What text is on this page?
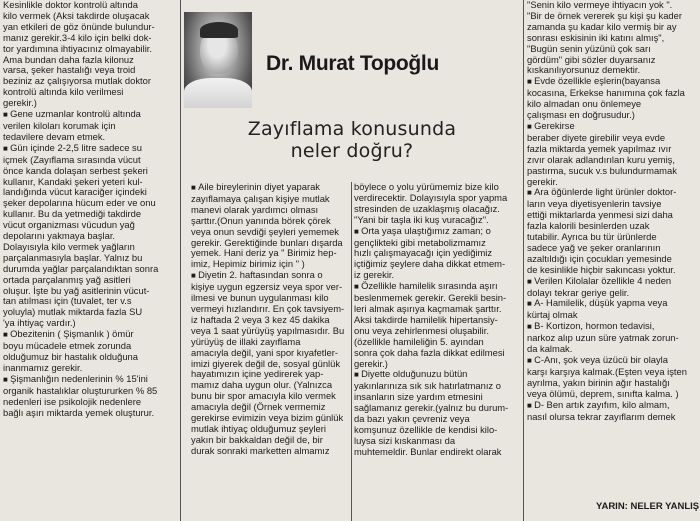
Kesinlikle doktor kontrolü altında

kilo vermek (Aksi takdirde oluşacak

yan etkileri de göz önünde bulundur-

manız gerekir.3-4 kilo için belki dok-

tor yardımına ihtiyacınız olmayabilir.

Ama bundan daha fazla kilonuz

varsa, şeker hastalığı veya troid

beziniz az çalışıyorsa mutlak doktor

kontrolü altında kilo verilmesi

gerekir.)

■ Gene uzmanlar kontrolü altında

verilen kiloları korumak için

tedavilere devam etmek.

■ Gün içinde 2-2,5 litre sadece su

içmek (Zayıflama sırasında vücut

önce kanda dolaşan serbest şekeri

kullanır, Kandaki şekeri yeteri kul-

landığında vücut karaciğer içindeki

şeker depolarına hücum eder ve onu

kullanır. Bu da yetmediği takdirde

vücut organizması vücudun yağ

depolarını yakmaya başlar.

Dolayısıyla kilo vermek yağların

parçalanmasıyla başlar. Yalnız bu

durumda yağlar parçalandıktan sonra

ortada parçalanmış yağ asitleri

oluşur. İşte bu yağ asitlerinin vücut-

tan atılması için (tuvalet, ter v.s

yoluyla) mutlak miktarda fazla SU

'ya ihtiyaç vardır.)

■ Obezitenin ( Şişmanlık ) ömür

boyu mücadele etmek zorunda

olduğumuz bir hastalık olduğuna

inanmamız gerekir.

■ Şişmanlığın nedenlerinin % 15'ini

organik hastalıklar oluştururken % 85

nedenleri ise psikolojik nedenlere

bağlı aşırı miktarda yemek oluşturur.

Dr. Murat Topoğlu
Zayıflama konusunda
neler doğru?

■ Aile bireylerinin diyet yaparak

zayıflamaya çalışan kişiye mutlak

manevi olarak yardımcı olması

şarttır.(Onun yanında börek çörek

veya onun sevdiği şeyleri yememek

gerekir. Gerektiğinde bunları dışarda

yemek. Hani deriz ya " Birimiz hep-

imiz, Hepimiz birimiz için " )

■ Diyetin 2. haftasından sonra o

kişiye uygun egzersiz veya spor ver-

ilmesi ve bunun uygulanması kilo

vermeyi hızlandırır. En çok tavsiyem-

iz haftada 2 veya 3 kez 45 dakika

veya 1 saat yürüyüş yapılmasıdır. Bu

yürüyüş de illaki zayıflama

amacıyla değil, yani spor kıyafetler-

imizi giyerek değil de, sosyal günlük

hayatımızın içine yedirerek yap-

mamız daha uygun olur. (Yalnızca

bunu bir spor amacıyla kilo vermek

amacıyla değil (Örnek vermemiz

gerekirse evimizin veya bizim günlük

mutlak ihtiyaç olduğumuz şeyleri

yakın bir bakkaldan değil de, bir

durak sonraki marketten almamız

böylece o yolu yürümemiz bize kilo

verdirecektir. Dolayısıyla spor yapma

stresinden de uzaklaşmış olacağız.

"Yani bir taşla iki kuş vuracağız".

■ Orta yaşa ulaştığımız zaman; o

gençlikteki gibi metabolizmamız

hızlı çalışmayacağı için yediğimiz

içtiğimiz şeylere daha dikkat etmem-

iz gerekir.

■ Özellikle hamilelik sırasında aşırı

beslenmemek gerekir. Gerekli besin-

leri almak aşırıya kaçmamak şarttır.

Aksi takdirde hamilelik hipertansiy-

onu veya zehirlenmesi oluşabilir.

(özellikle hamileliğin 5. ayından

sonra çok daha fazla dikkat edilmesi

gerekir.)

■ Diyette olduğunuzu bütün

yakınlarınıza sık sık hatırlatmanız o

insanların size yardım etmesini

sağlamanız gerekir.(yalnız bu durum-

da bazı yakın çevreniz veya

komşunuz özellikle de kendisi kilo-

luysa sizi kıskanması da

muhtemeldir. Bunlar endirekt olarak

"Senin kilo vermeye ihtiyacın yok ".

"Bir de örnek vererek şu kişi şu kader

zamanda şu kadar kilo vermiş bir ay

sonrası eskisinin iki katını almış",

"Bugün senin yüzünü çok sarı

gördüm" gibi sözler duyarsanız

kıskanılıyorsunuz demektir.

■ Evde özellikle eşlerin(bayansa

kocasına, Erkekse hanımına çok fazla

kilo almadan onu önlemeye

çalışması en doğrusudur.)

■ Gerekirse

beraber diyete girebilir veya evde

fazla miktarda yemek yapılmaz ıvır

zıvır olarak adlandırılan kuru yemiş,

pastırma, sucuk v.s bulundurmamak

gerekir.

■ Ara öğünlerde light ürünler doktor-

ların veya diyetisyenlerin tavsiye

ettiği miktarlarda yenmesi sizi daha

fazla kalorili besinlerden uzak

tutabilir. Ayrıca bu tür ürünlerde

sadece yağ ve şeker oranlarının

azaltıldığı için çocukları yemesinde

de kesinlikle hiçbir sakıncası yoktur.

■ Verilen Kilolalar özellikle 4 neden

dolayı tekrar geriye gelir.

■ A- Hamilelik, düşük yapma veya

kürtaj olmak

■ B- Kortizon, hormon tedavisi,

narkoz alıp uzun süre yatmak zorun-

da kalmak.

■ C-Anı, şok veya üzücü bir olayla

karşı karşıya kalmak.(Eşten veya işten

ayrılma, yakın birinin ağır hastalığı

veya ölümü, deprem, sınıfta kalma. )

■ D- Ben artık zayıfım, kilo almam,

nasıl olursa tekrar zayıflarım demek

YARIN: NELER YANLIŞ
